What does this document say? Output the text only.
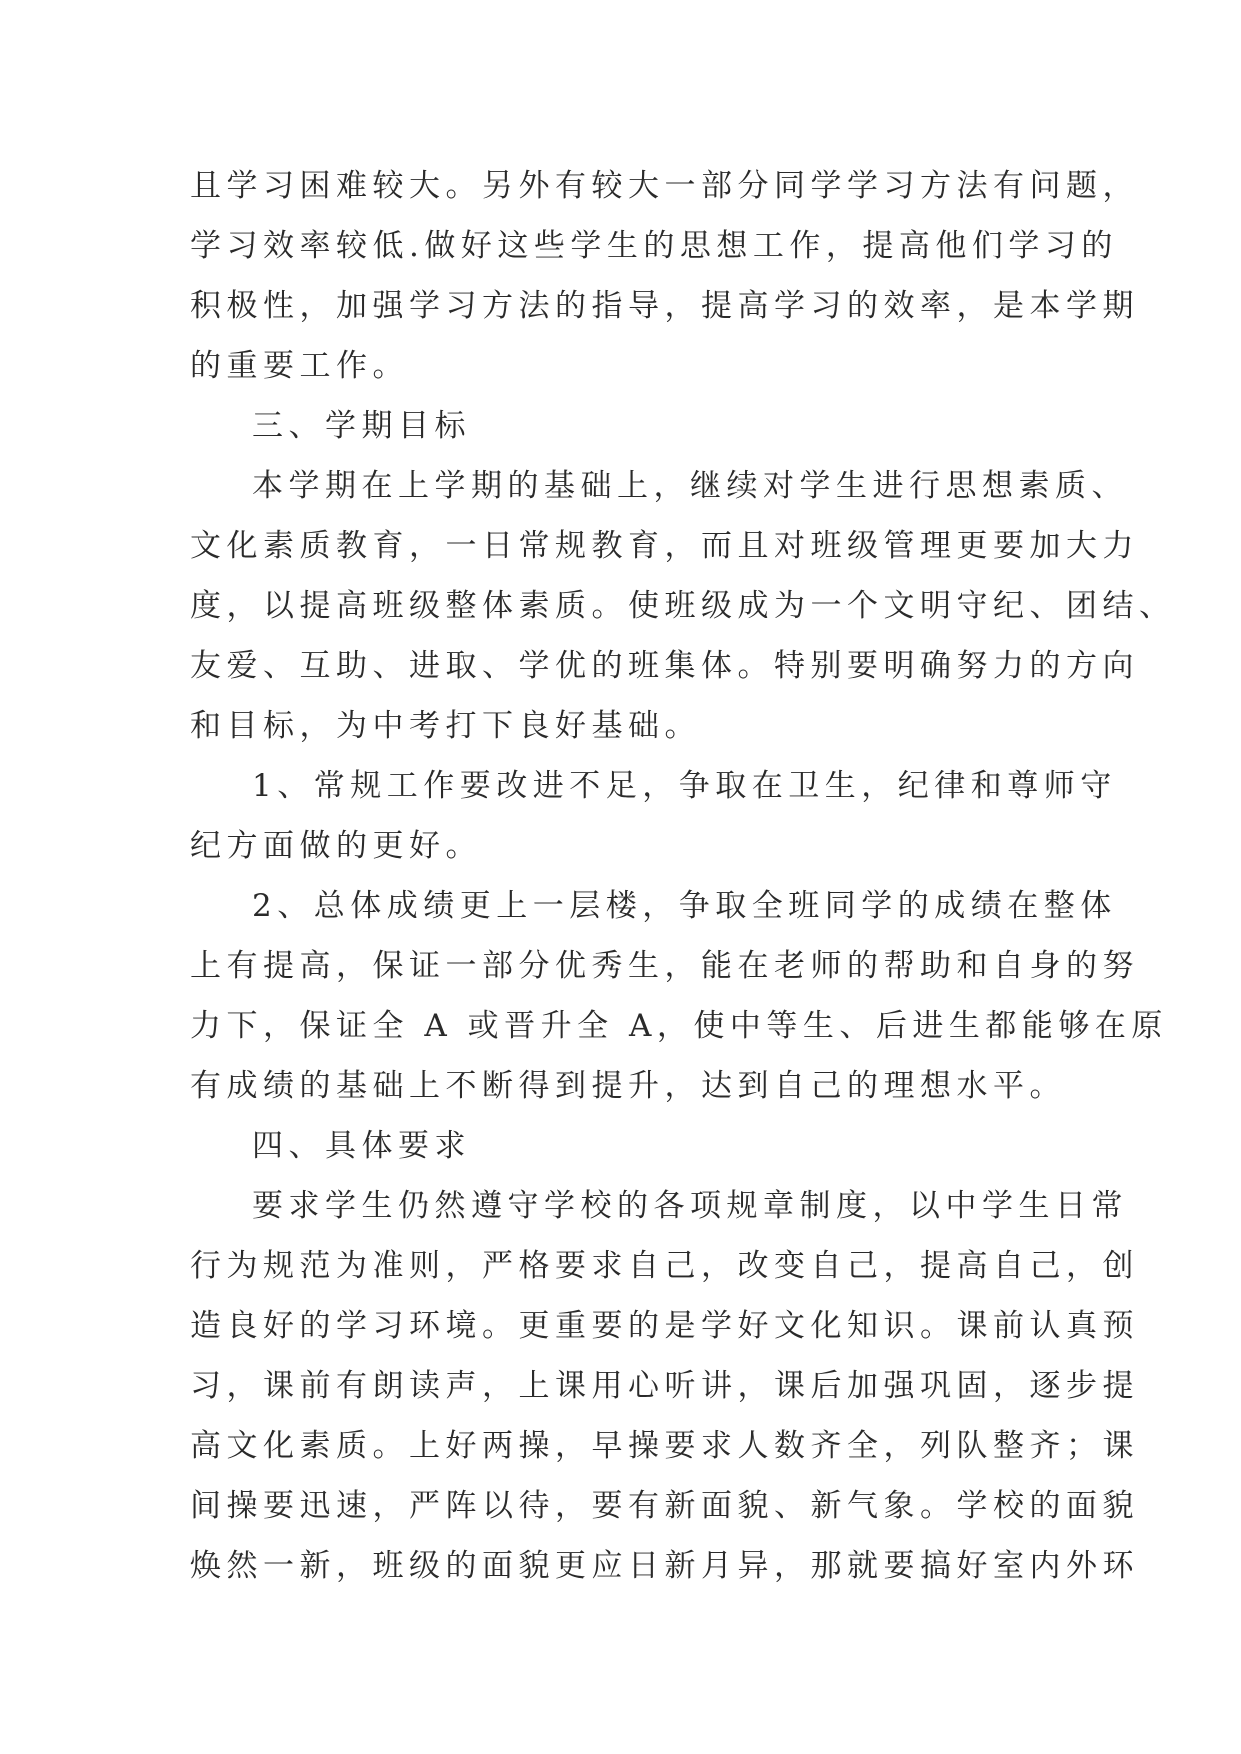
且学习困难较大。另外有较大一部分同学学习方法有问题，
学习效率较低.做好这些学生的思想工作，提高他们学习的
积极性，加强学习方法的指导，提高学习的效率，是本学期
的重要工作。
三、学期目标
本学期在上学期的基础上，继续对学生进行思想素质、
文化素质教育，一日常规教育，而且对班级管理更要加大力
度，以提高班级整体素质。使班级成为一个文明守纪、团结、
友爱、互助、进取、学优的班集体。特别要明确努力的方向
和目标，为中考打下良好基础。
1、常规工作要改进不足，争取在卫生，纪律和尊师守
纪方面做的更好。
2、总体成绩更上一层楼，争取全班同学的成绩在整体
上有提高，保证一部分优秀生，能在老师的帮助和自身的努
力下，保证全 A 或晋升全 A，使中等生、后进生都能够在原
有成绩的基础上不断得到提升，达到自己的理想水平。
四、具体要求
要求学生仍然遵守学校的各项规章制度，以中学生日常
行为规范为准则，严格要求自己，改变自己，提高自己，创
造良好的学习环境。更重要的是学好文化知识。课前认真预
习，课前有朗读声，上课用心听讲，课后加强巩固，逐步提
高文化素质。上好两操，早操要求人数齐全，列队整齐；课
间操要迅速，严阵以待，要有新面貌、新气象。学校的面貌
焕然一新，班级的面貌更应日新月异，那就要搞好室内外环
